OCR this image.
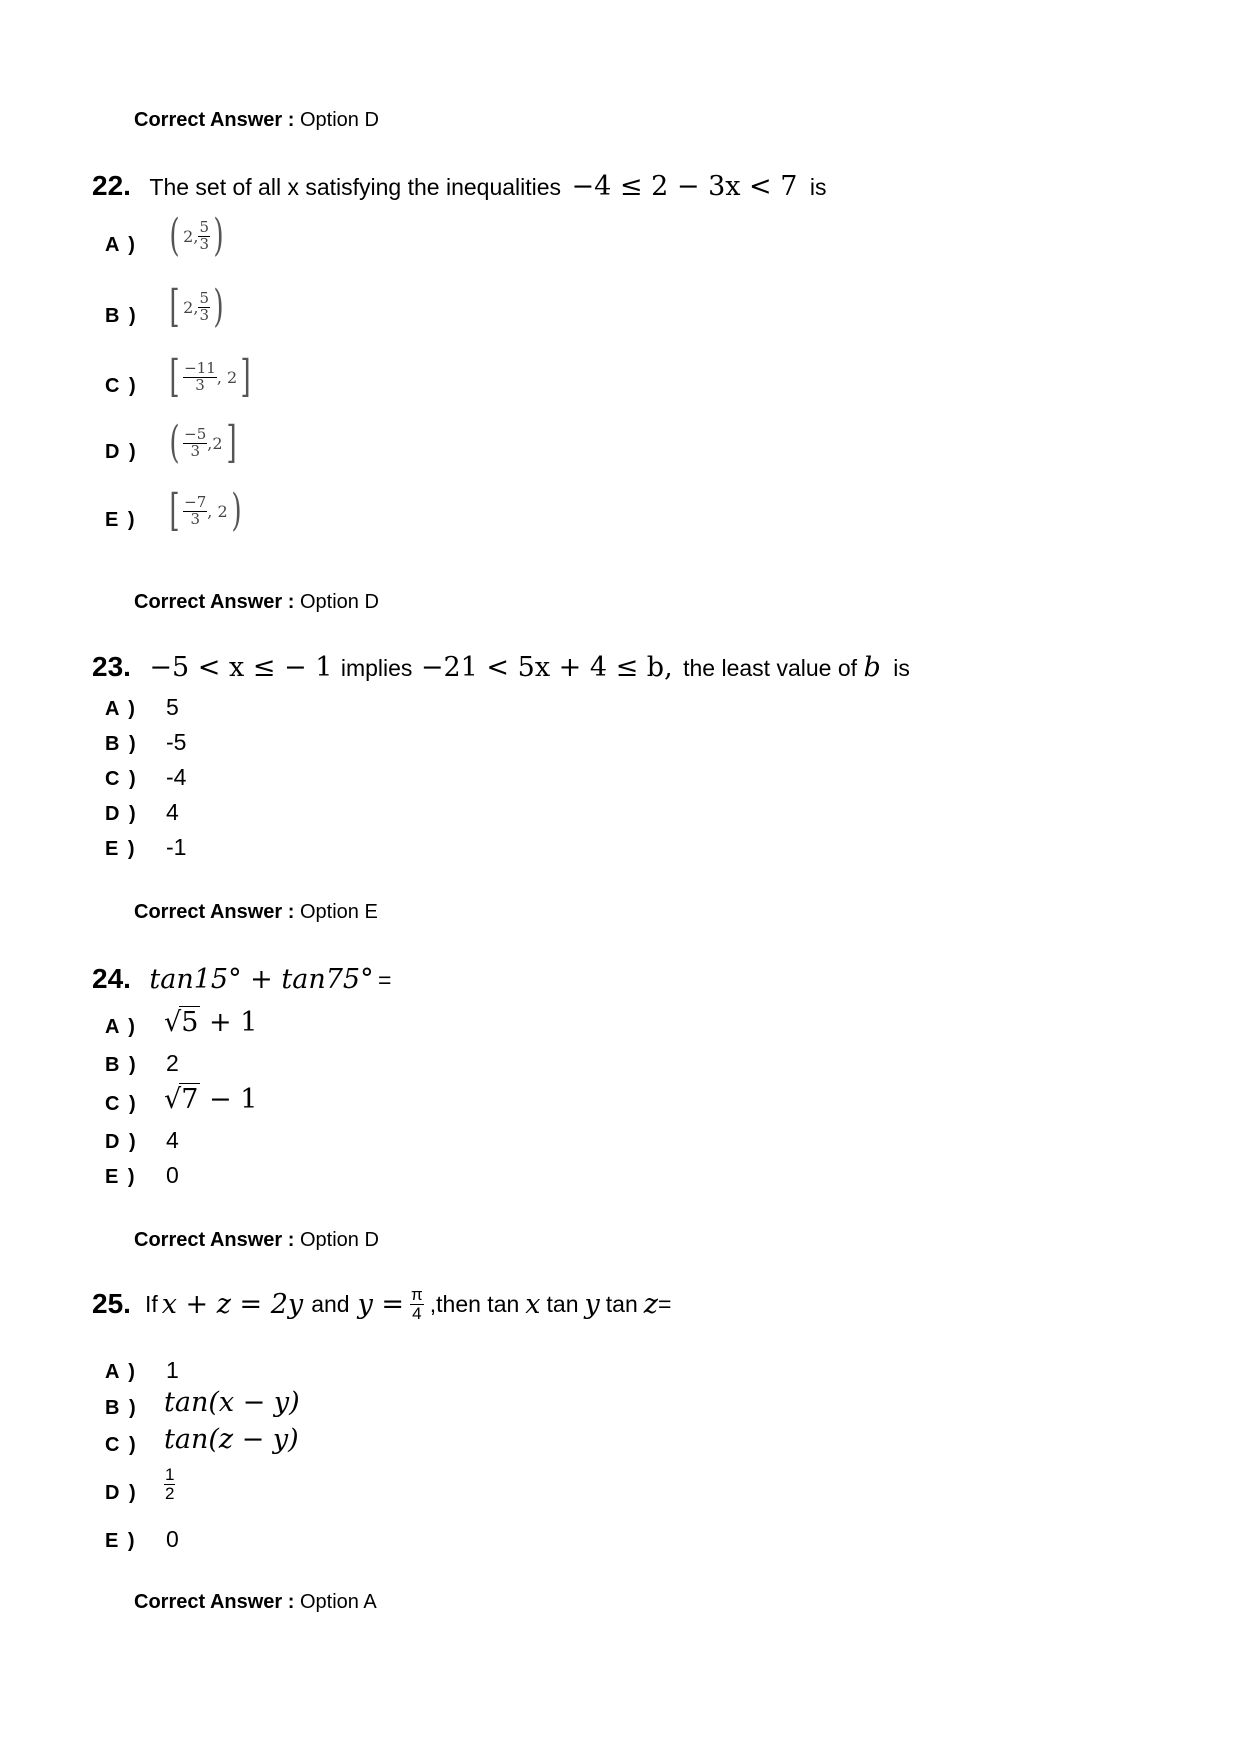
Correct Answer : Option D
22. The set of all x satisfying the inequalities −4 ≤ 2 − 3x < 7 is
A ) ( 2, $\frac{5}{3}$ )
B ) [ 2, $\frac{5}{3}$ )
C ) [ $\frac{-11}{3}$ , 2 ]
D ) ( $\frac{-5}{3} ,2$ ]
E ) [ $\frac{-7}{3}$ , 2 )
Correct Answer : Option D
23. −5 < x ≤ − 1 implies −21 < 5x + 4 ≤ b, the least value of b is
A ) 5
B ) -5
C ) -4
D ) 4
E ) -1
Correct Answer : Option E
24. tan15° + tan75° =
A ) √5 + 1
B ) 2
C ) √7 − 1
D ) 4
E ) 0
Correct Answer : Option D
25. If x + z = 2y and $y = \frac{\pi}{4}$ ,then tan x tan y tan z =
A ) 1
B ) tan(x − y)
C ) tan(z − y)
D ) $\frac{1}{2}$
E ) 0
Correct Answer : Option A
